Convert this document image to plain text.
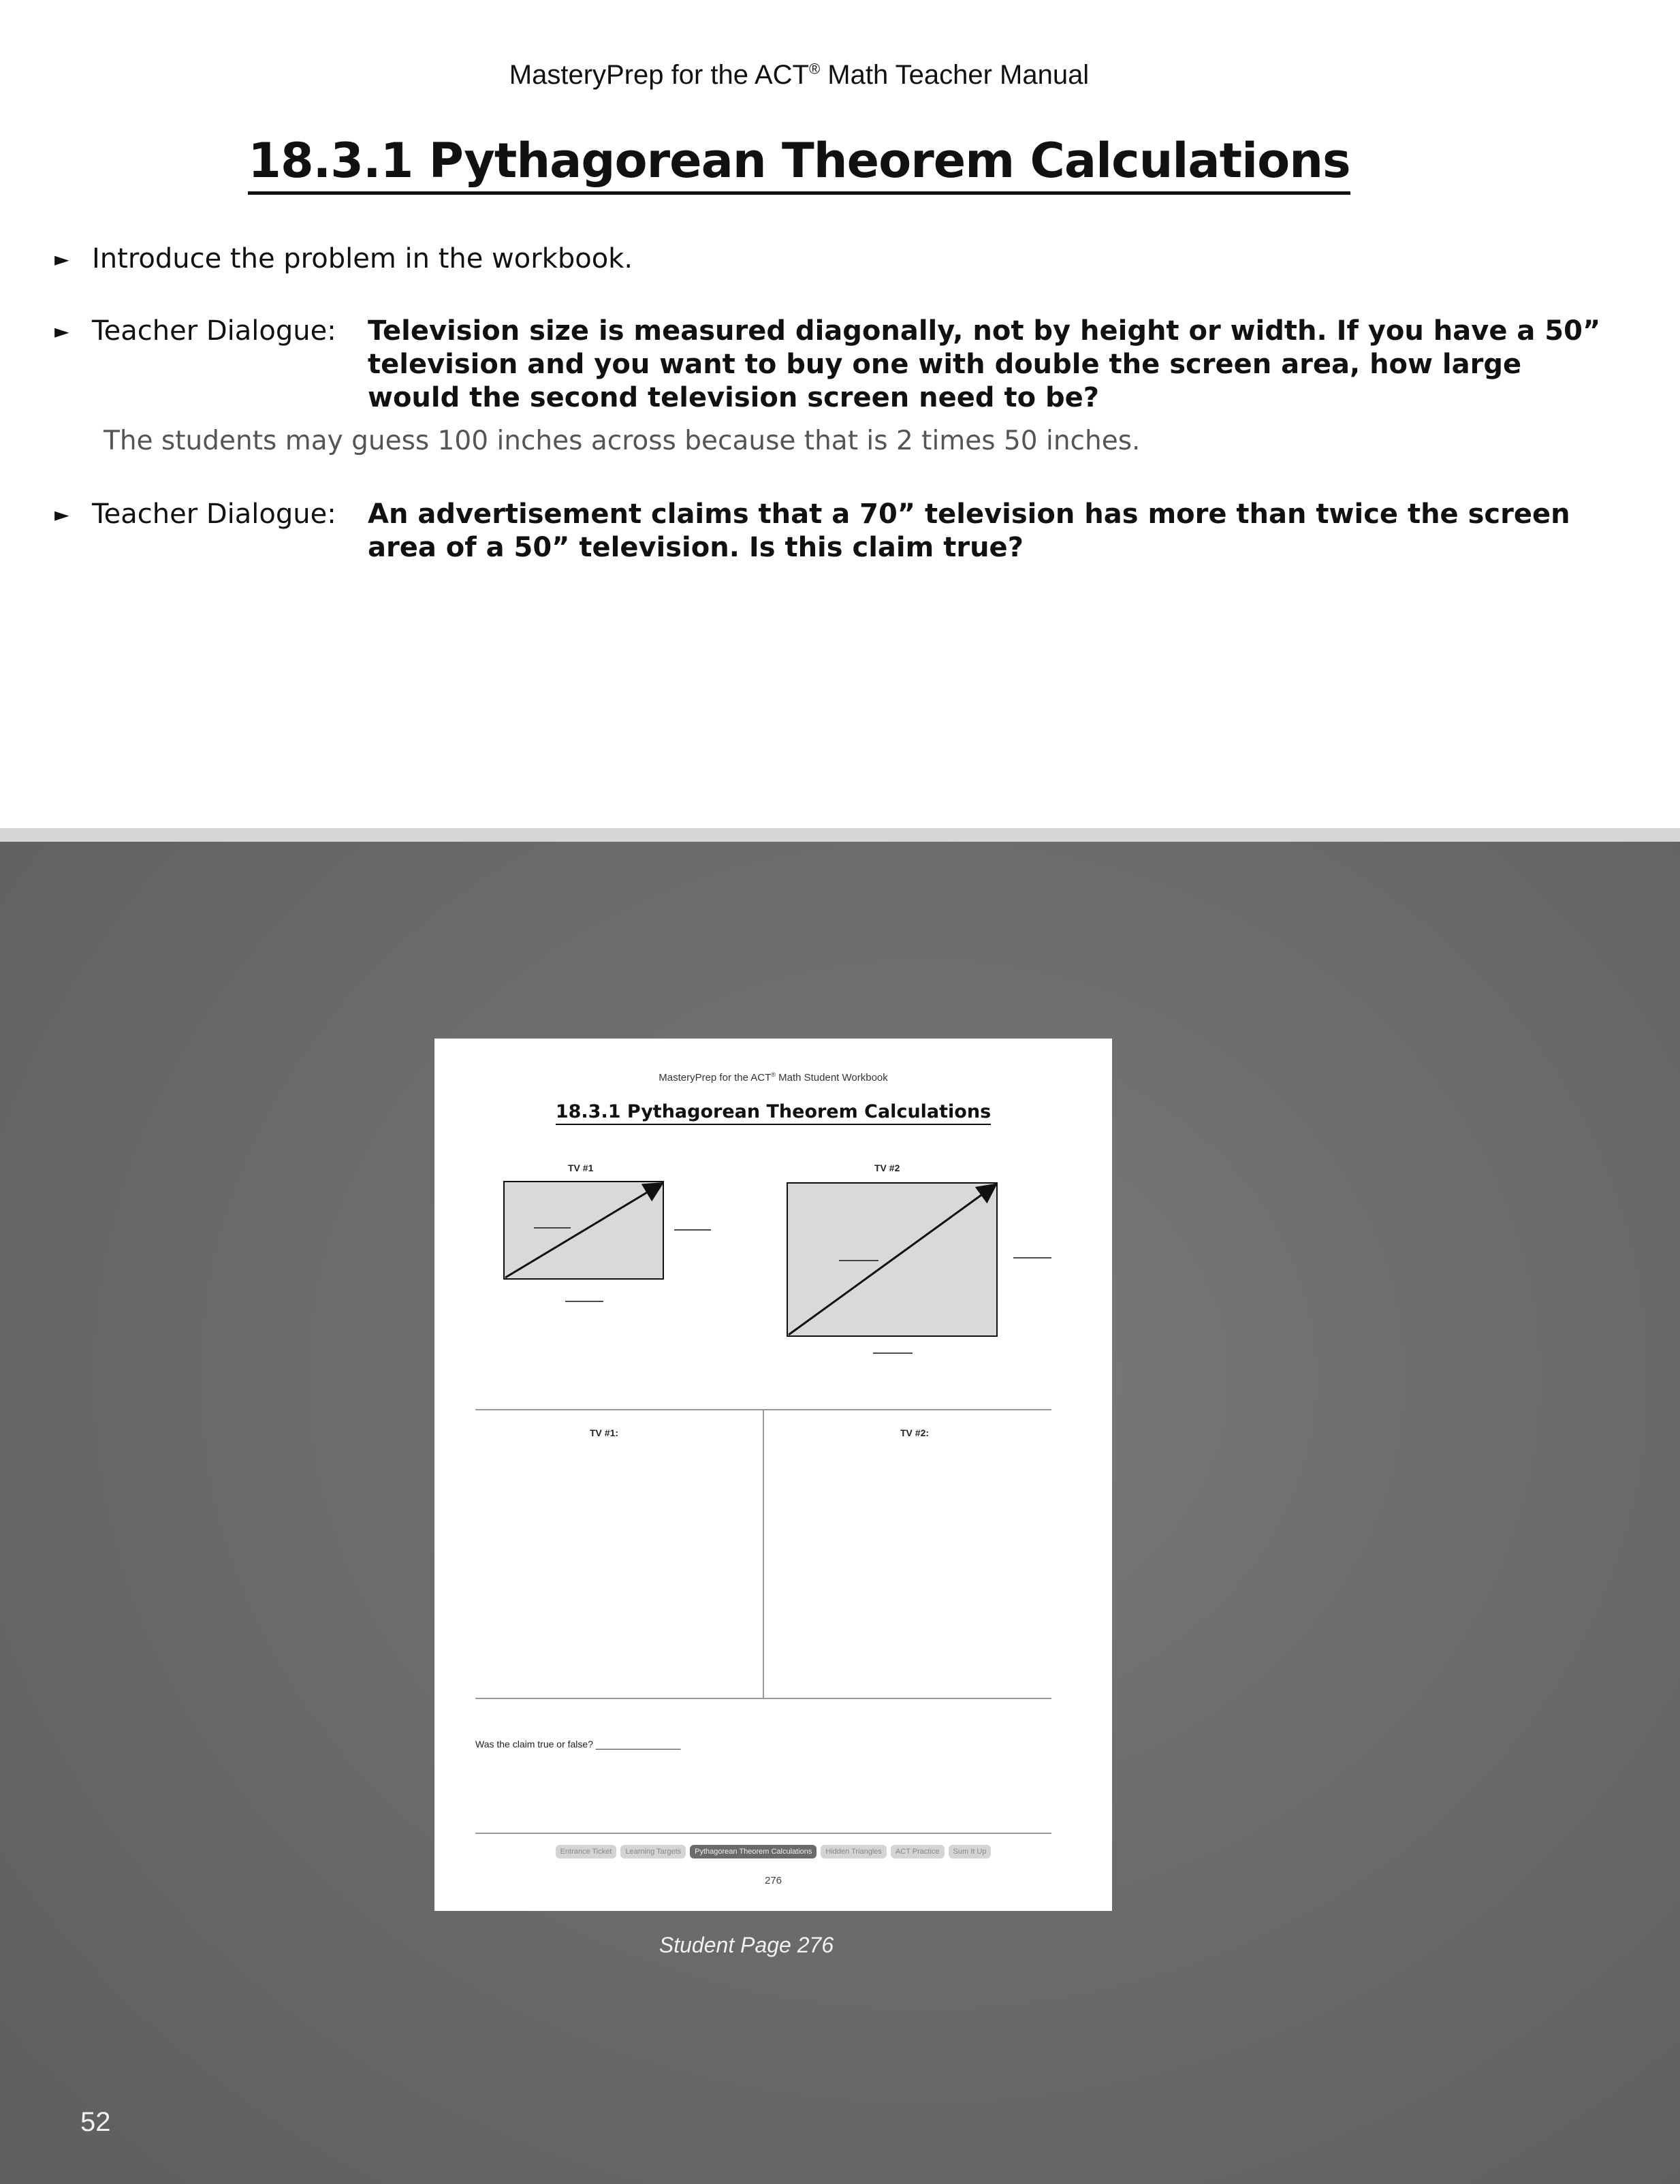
MasteryPrep for the ACT® Math Teacher Manual
18.3.1 Pythagorean Theorem Calculations
► Introduce the problem in the workbook.
► Teacher Dialogue: Television size is measured diagonally, not by height or width. If you have a 50” television and you want to buy one with double the screen area, how large would the second television screen need to be?
The students may guess 100 inches across because that is 2 times 50 inches.
► Teacher Dialogue: An advertisement claims that a 70” television has more than twice the screen area of a 50” television. Is this claim true?
MasteryPrep for the ACT® Math Student Workbook
18.3.1 Pythagorean Theorem Calculations
TV #1	TV #2
TV #1:	TV #2:
Was the claim true or false? ________________
Entrance Ticket Learning Targets Pythagorean Theorem Calculations Hidden Triangles ACT Practice Sum It Up
276
Student Page 276
52
